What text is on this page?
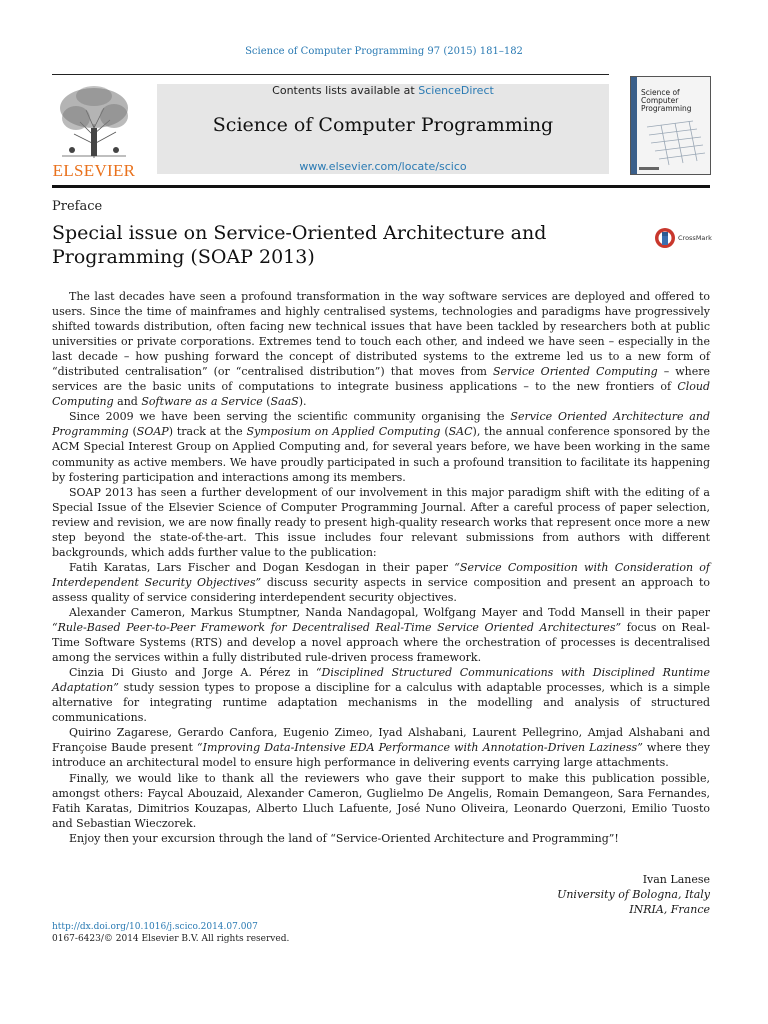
Science of Computer Programming 97 (2015) 181–182
ELSEVIER
Contents lists available at ScienceDirect
Science of Computer Programming
www.elsevier.com/locate/scico
Science of Computer Programming
Preface
Special issue on Service-Oriented Architecture and Programming (SOAP 2013)
CrossMark

The last decades have seen a profound transformation in the way software services are deployed and offered to users. Since the time of mainframes and highly centralised systems, technologies and paradigms have progressively shifted towards distribution, often facing new technical issues that have been tackled by researchers both at public universities or private corporations. Extremes tend to touch each other, and indeed we have seen – especially in the last decade – how pushing forward the concept of distributed systems to the extreme led us to a new form of “distributed centralisation” (or “centralised distribution”) that moves from Service Oriented Computing – where services are the basic units of computations to integrate business applications – to the new frontiers of Cloud Computing and Software as a Service (SaaS).

Since 2009 we have been serving the scientific community organising the Service Oriented Architecture and Programming (SOAP) track at the Symposium on Applied Computing (SAC), the annual conference sponsored by the ACM Special Interest Group on Applied Computing and, for several years before, we have been working in the same community as active members. We have proudly participated in such a profound transition to facilitate its happening by fostering participation and interactions among its members.

SOAP 2013 has seen a further development of our involvement in this major paradigm shift with the editing of a Special Issue of the Elsevier Science of Computer Programming Journal. After a careful process of paper selection, review and revision, we are now finally ready to present high-quality research works that represent once more a new step beyond the state-of-the-art. This issue includes four relevant submissions from authors with different backgrounds, which adds further value to the publication:

Fatih Karatas, Lars Fischer and Dogan Kesdogan in their paper “Service Composition with Consideration of Interdependent Security Objectives” discuss security aspects in service composition and present an approach to assess quality of service considering interdependent security objectives.

Alexander Cameron, Markus Stumptner, Nanda Nandagopal, Wolfgang Mayer and Todd Mansell in their paper “Rule-Based Peer-to-Peer Framework for Decentralised Real-Time Service Oriented Architectures” focus on Real-Time Software Systems (RTS) and develop a novel approach where the orchestration of processes is decentralised among the services within a fully distributed rule-driven process framework.

Cinzia Di Giusto and Jorge A. Pérez in “Disciplined Structured Communications with Disciplined Runtime Adaptation” study session types to propose a discipline for a calculus with adaptable processes, which is a simple alternative for integrating runtime adaptation mechanisms in the modelling and analysis of structured communications.

Quirino Zagarese, Gerardo Canfora, Eugenio Zimeo, Iyad Alshabani, Laurent Pellegrino, Amjad Alshabani and Françoise Baude present “Improving Data-Intensive EDA Performance with Annotation-Driven Laziness” where they introduce an architectural model to ensure high performance in delivering events carrying large attachments.

Finally, we would like to thank all the reviewers who gave their support to make this publication possible, amongst others: Faycal Abouzaid, Alexander Cameron, Guglielmo De Angelis, Romain Demangeon, Sara Fernandes, Fatih Karatas, Dimitrios Kouzapas, Alberto Lluch Lafuente, José Nuno Oliveira, Leonardo Querzoni, Emilio Tuosto and Sebastian Wieczorek.

Enjoy then your excursion through the land of “Service-Oriented Architecture and Programming”!

Ivan Lanese
University of Bologna, Italy
INRIA, France
http://dx.doi.org/10.1016/j.scico.2014.07.007
0167-6423/© 2014 Elsevier B.V. All rights reserved.
